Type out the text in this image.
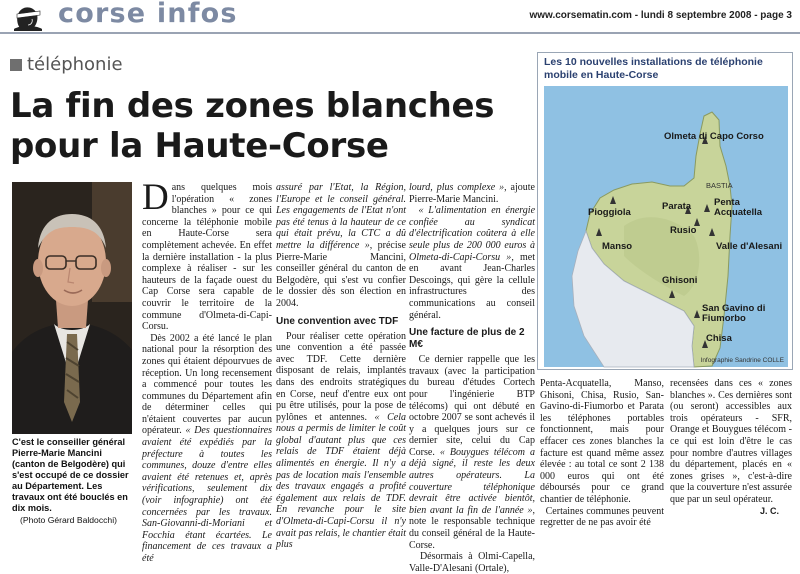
corse infos	www.corsematin.com - lundi 8 septembre 2008 - page 3
téléphonie
La fin des zones blanches
pour la Haute-Corse
C'est le conseiller général Pierre-Marie Mancini (canton de Belgodère) qui s'est occupé de ce dossier au Département. Les travaux ont été bouclés en dix mois.
(Photo Gérard Baldocchi)

Dans quelques mois l'opération « zones blanches » pour ce qui concerne la téléphonie mobile en Haute-Corse sera complètement achevée. En effet la dernière installation - la plus complexe à réaliser - sur les hauteurs de la façade ouest du Cap Corse sera capable de couvrir le territoire de la commune d'Olmeta-di-Capi-Corsu.

Dès 2002 a été lancé le plan national pour la résorption des zones qui étaient dépourvues de réception. Un long recensement a commencé pour toutes les communes du Département afin de déterminer celles qui n'étaient couvertes par aucun opérateur. « Des questionnaires avaient été expédiés par la préfecture à toutes les communes, douze d'entre elles avaient été retenues et, après vérifications, seulement dix (voir infographie) ont été concernées par les travaux. San-Giovanni-di-Moriani et Focchia étant écartées. Le financement de ces travaux a été

assuré par l'Etat, la Région, l'Europe et le conseil général. Les engagements de l'Etat n'ont pas été tenus à la hauteur de ce qui était prévu, la CTC a dû mettre la différence », précise Pierre-Marie Mancini, conseiller général du canton de Belgodère, qui s'est vu confier le dossier dès son élection en 2004.

Une convention avec TDF

Pour réaliser cette opération une convention a été passée avec TDF. Cette dernière disposant de relais, implantés dans des endroits stratégiques en Corse, neuf d'entre eux ont pu être utilisés, pour la pose de pylônes et antennes. « Cela nous a permis de limiter le coût global d'autant plus que ces relais de TDF étaient déjà alimentés en énergie. Il n'y a pas de location mais l'ensemble des travaux engagés a profité également aux relais de TDF. En revanche pour le site d'Olmeta-di-Capi-Corsu il n'y avait pas relais, le chantier était plus

lourd, plus complexe », ajoute Pierre-Marie Mancini.

« L'alimentation en énergie confiée au syndicat d'électrification coûtera à elle seule plus de 200 000 euros à Olmeta-di-Capi-Corsu », met en avant Jean-Charles Descoings, qui gère la cellule infrastructures des communications au conseil général.

Une facture de plus de 2 M€

Ce dernier rappelle que les travaux (avec la participation du bureau d'études Cortech pour l'ingénierie BTP télécoms) qui ont débuté en octobre 2007 se sont achevés il y a quelques jours sur ce dernier site, celui du Cap Corse. « Bouygues télécom a déjà signé, il reste les deux autres opérateurs. La couverture téléphonique devrait être activée bientôt, bien avant la fin de l'année », note le responsable technique du conseil général de la Haute-Corse.

Désormais à Olmi-Capella, Valle-D'Alesani (Ortale),

Penta-Acquatella, Manso, Ghisoni, Chisa, Rusio, San-Gavino-di-Fiumorbo et Parata les téléphones portables fonctionnent, mais pour effacer ces zones blanches la facture est quand même assez élevée : au total ce sont 2 138 000 euros qui ont été déboursés pour ce grand chantier de téléphonie.

Certaines communes peuvent regretter de ne pas avoir été

recensées dans ces « zones blanches ». Ces dernières sont (ou seront) accessibles aux trois opérateurs - SFR, Orange et Bouygues télécom - ce qui est loin d'être le cas pour nombre d'autres villages du département, placés en « zones grises », c'est-à-dire que la couverture n'est assurée que par un seul opérateur.

J. C.
Les 10 nouvelles installations de téléphonie mobile en Haute-Corse
Olmeta di Capo Corso
BASTIA
Pioggiola
Parata Penta Acquatella
Rusio
Manso	Valle d'Alesani
Ghisoni
San Gavino di Fiumorbo
Chisa
Infographie Sandrine COLLE
